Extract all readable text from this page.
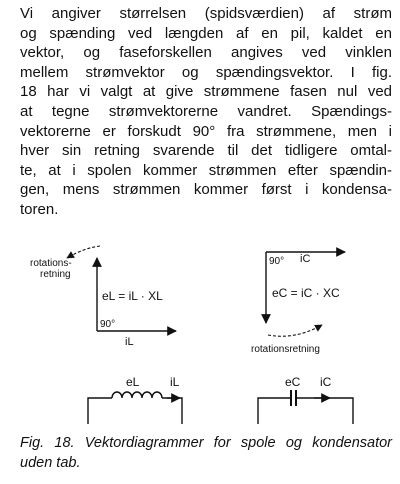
Vi angiver størrelsen (spidsværdien) af strøm
og spænding ved længden af en pil, kaldet en
vektor, og faseforskellen angives ved vinklen
mellem strømvektor og spændingsvektor. I fig.
18 har vi valgt at give strømmene fasen nul ved
at tegne strømvektorerne vandret. Spændings-
vektorerne er forskudt 90° fra strømmene, men i
hver sin retning svarende til det tidligere omtal-
te, at i spolen kommer strømmen efter spændin-
gen, mens strømmen kommer først i kondensa-
toren.
rotations-
retning
eL = iL · XL
90°
iL
90° iC
eC = iC · XC
rotationsretning
eL	iL	eC iC
Fig. 18. Vektordiagrammer for spole og kondensator
uden tab.
